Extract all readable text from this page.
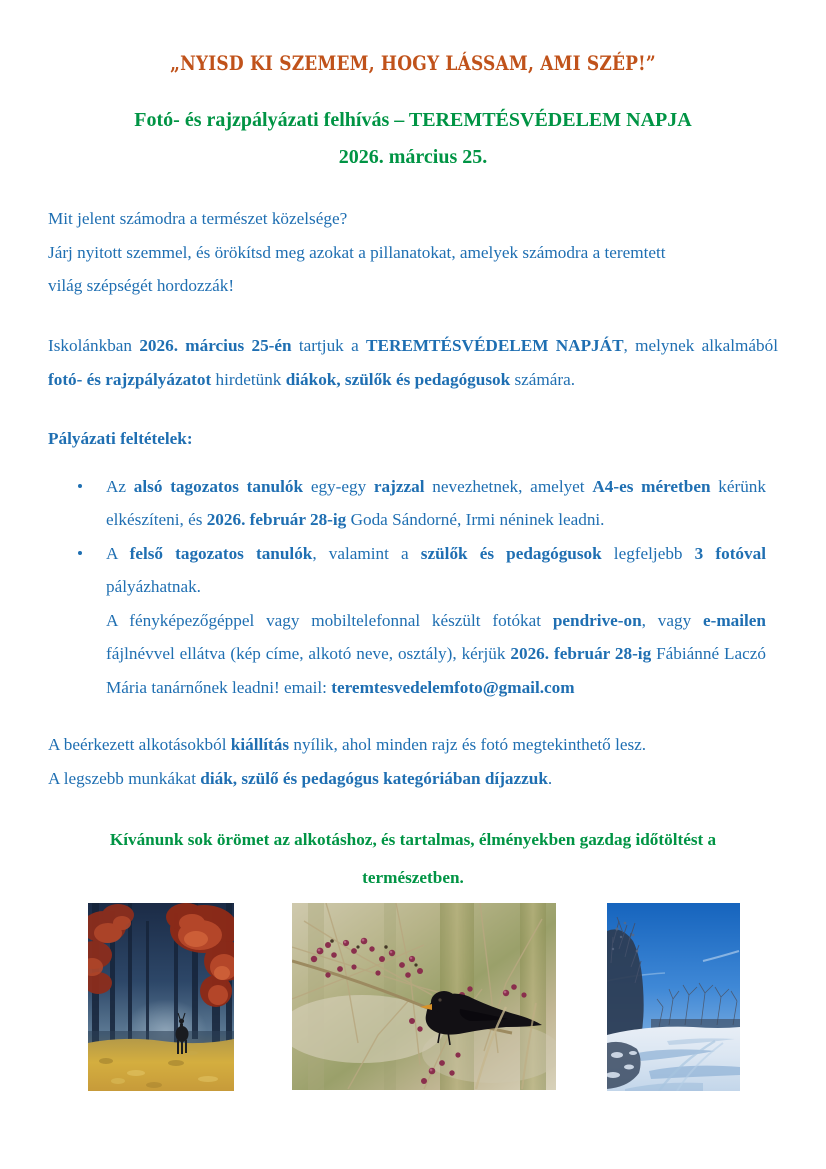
„NYISD KI SZEMEM, HOGY LÁSSAM, AMI SZÉP!”
Fotó- és rajzpályázati felhívás – TEREMTÉSVÉDELEM NAPJA
2026. március 25.

Mit jelent számodra a természet közelsége?
Járj nyitott szemmel, és örökítsd meg azokat a pillanatokat, amelyek számodra a teremtett
világ szépségét hordozzák!

Iskolánkban 2026. március 25-én tartjuk a TEREMTÉSVÉDELEM NAPJÁT, melynek alkalmából fotó- és rajzpályázatot hirdetünk diákok, szülők és pedagógusok számára.

Pályázati feltételek:

Az alsó tagozatos tanulók egy-egy rajzzal nevezhetnek, amelyet A4-es méretben kérünk elkészíteni, és 2026. február 28-ig Goda Sándorné, Irmi néninek leadni.
A felső tagozatos tanulók, valamint a szülők és pedagógusok legfeljebb 3 fotóval pályázhatnak.
A fényképezőgéppel vagy mobiltelefonnal készült fotókat pendrive-on, vagy e-mailen fájlnévvel ellátva (kép címe, alkotó neve, osztály), kérjük 2026. február 28-ig Fábiánné Laczó Mária tanárnőnek leadni! email: teremtesvedelemfoto@gmail.com

A beérkezett alkotásokból kiállítás nyílik, ahol minden rajz és fotó megtekinthető lesz.
A legszebb munkákat diák, szülő és pedagógus kategóriában díjazzuk.

Kívánunk sok örömet az alkotáshoz, és tartalmas, élményekben gazdag időtöltést a
természetben.
